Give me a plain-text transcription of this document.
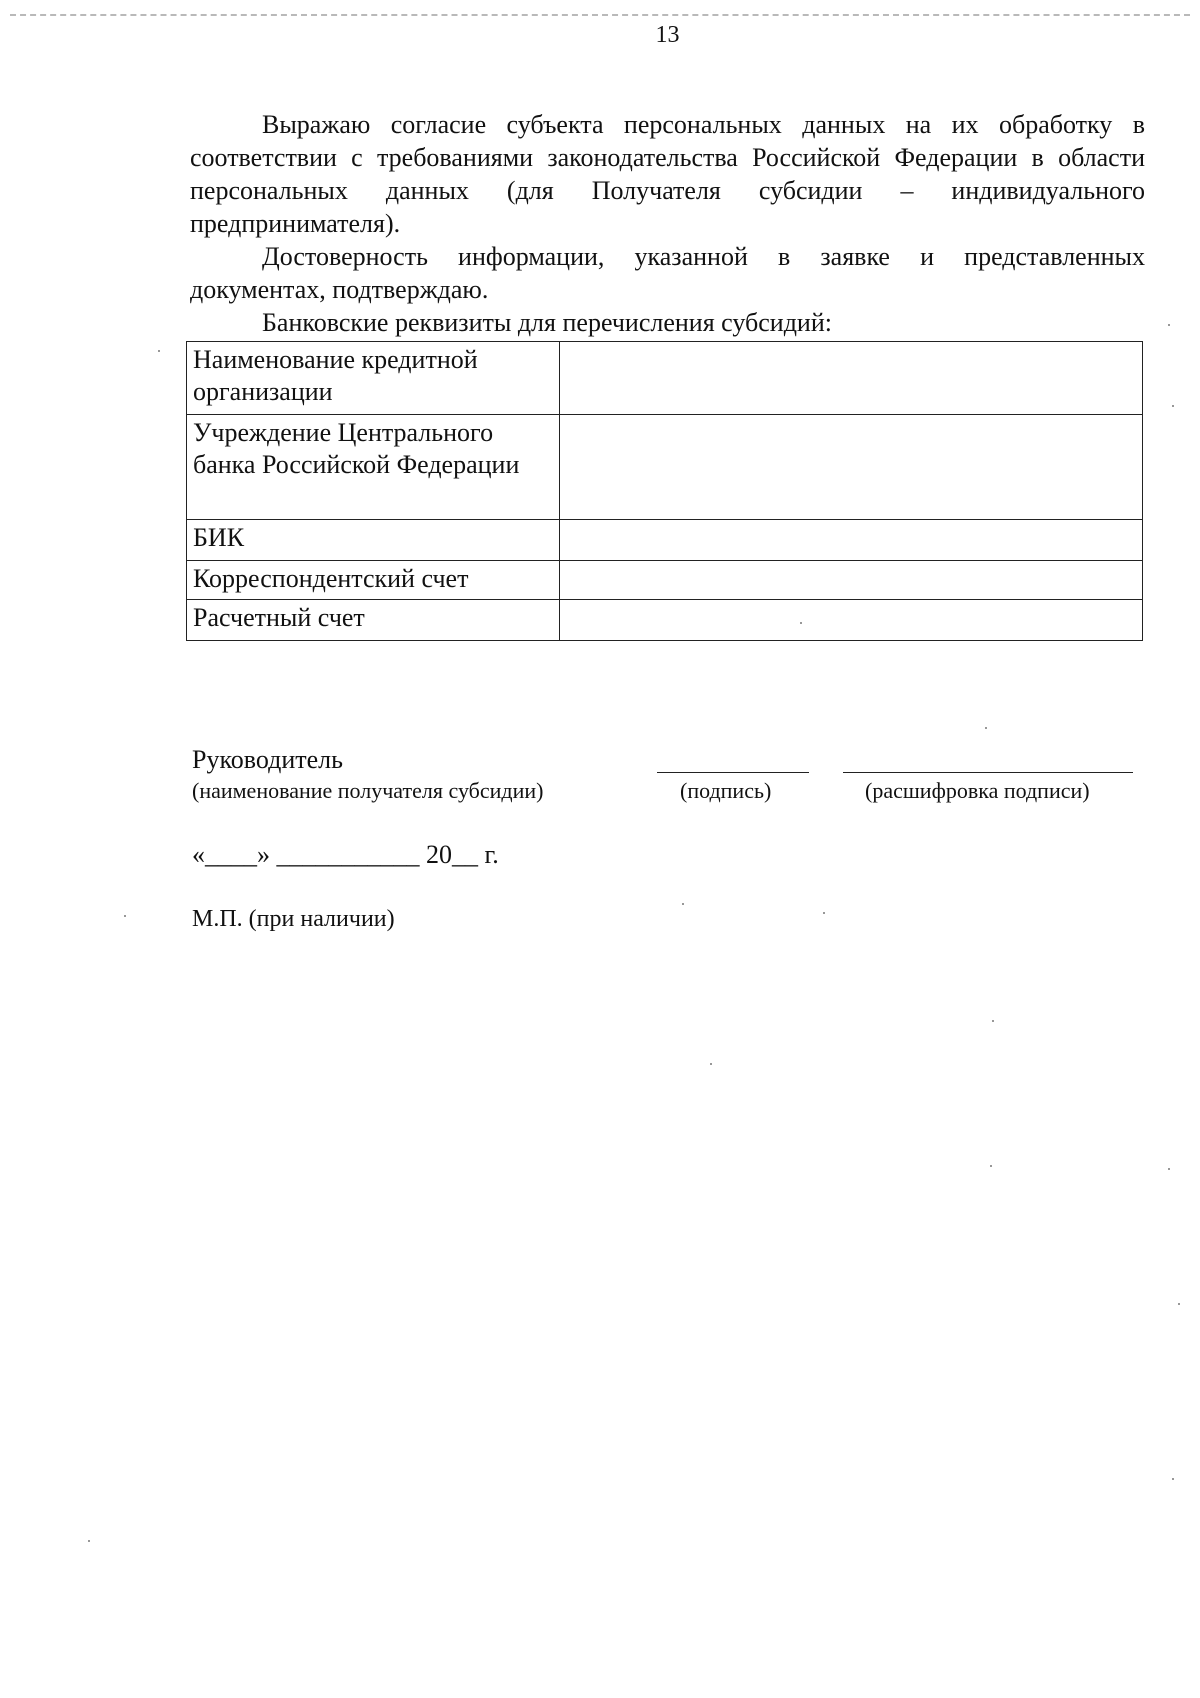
13

Выражаю согласие субъекта персональных данных на их обработку в соответствии с требованиями законодательства Российской Федерации в области персональных данных (для Получателя субсидии – индивидуального предпринимателя).

Достоверность информации, указанной в заявке и представленных документах, подтверждаю.

Банковские реквизиты для перечисления субсидий:

Наименование кредитной организации	
Учреждение Центрального банка Российской Федерации	
БИК	
Корреспондентский счет	
Расчетный счет	
Руководитель
(наименование получателя субсидии)	(подпись)	(расшифровка подписи)
«____» ___________ 20__ г.
М.П. (при наличии)
